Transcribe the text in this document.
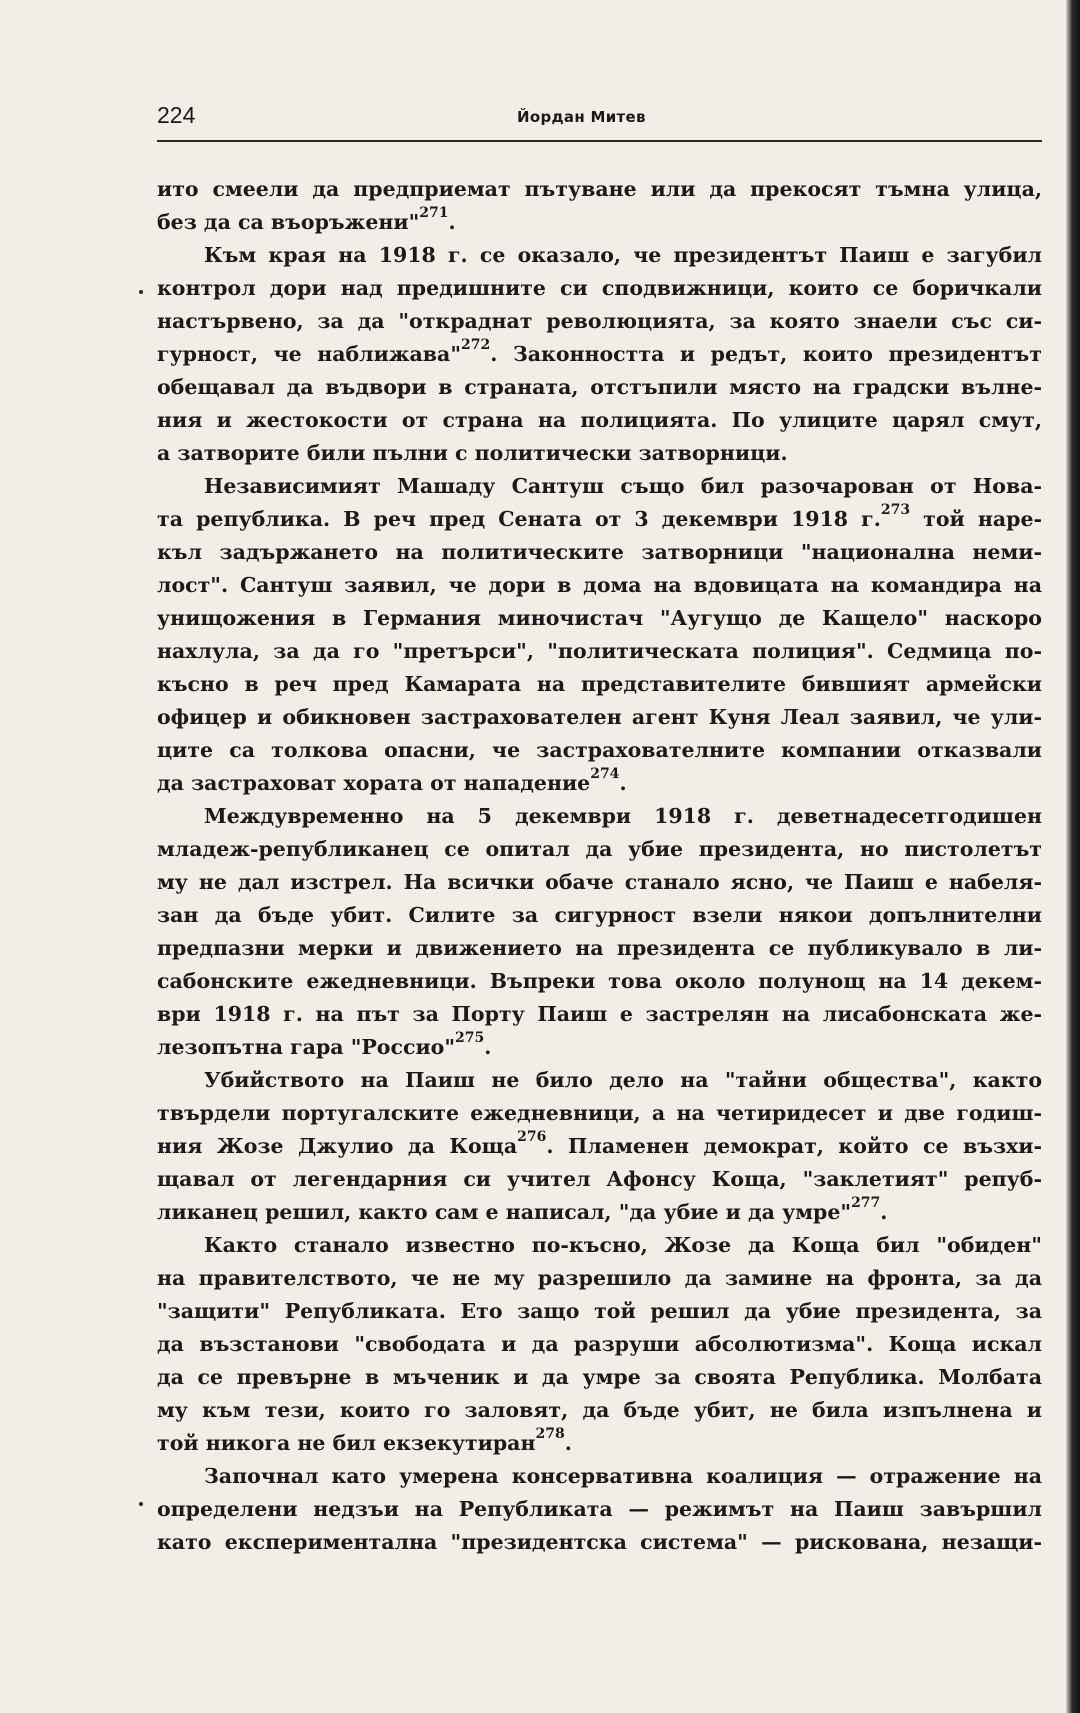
224	Йордан Митев
ито смеели да предприемат пътуване или да прекосят тъмна улица,
без да са въоръжени"$^{271}$.
Към края на 1918 г. се оказало, че президентът Паиш е загубил
контрол дори над предишните си сподвижници, които се боричкали
настървено, за да "откраднат революцията, за която знаели със си-
гурност, че наближава"$^{272}$. Законността и редът, които президентът
обещавал да въдвори в страната, отстъпили място на градски вълне-
ния и жестокости от страна на полицията. По улиците царял смут,
а затворите били пълни с политически затворници.
Независимият Машаду Сантуш също бил разочарован от Нова-
та република. В реч пред Сената от 3 декември 1918 г.$^{273}$ той наре-
къл задържането на политическите затворници "национална неми-
лост". Сантуш заявил, че дори в дома на вдовицата на командира на
унищожения в Германия миночистач "Аугущо де Кащело" наскоро
нахлула, за да го "претърси", "политическата полиция". Седмица по-
късно в реч пред Камарата на представителите бившият армейски
офицер и обикновен застрахователен агент Куня Леал заявил, че ули-
ците са толкова опасни, че застрахователните компании отказвали
да застраховат хората от нападение$^{274}$.
Междувременно на 5 декември 1918 г. деветнадесетгодишен
младеж-републиканец се опитал да убие президента, но пистолетът
му не дал изстрел. На всички обаче станало ясно, че Паиш е набеля-
зан да бъде убит. Силите за сигурност взели някои допълнителни
предпазни мерки и движението на президента се публикувало в ли-
сабонските ежедневници. Въпреки това около полунощ на 14 декем-
ври 1918 г. на път за Порту Паиш е застрелян на лисабонската же-
лезопътна гара "Россио"$^{275}$.
Убийството на Паиш не било дело на "тайни общества", както
твърдели португалските ежедневници, а на четиридесет и две годиш-
ния Жозе Джулио да Коща$^{276}$. Пламенен демократ, който се възхи-
щавал от легендарния си учител Афонсу Коща, "заклетият" репуб-
ликанец решил, както сам е написал, "да убие и да умре"$^{277}$.
Както станало известно по-късно, Жозе да Коща бил "обиден"
на правителството, че не му разрешило да замине на фронта, за да
"защити" Републиката. Ето защо той решил да убие президента, за
да възстанови "свободата и да разруши абсолютизма". Коща искал
да се превърне в мъченик и да умре за своята Република. Молбата
му към тези, които го заловят, да бъде убит, не била изпълнена и
той никога не бил екзекутиран$^{278}$.
Започнал като умерена консервативна коалиция — отражение на
определени недзъи на Републиката — режимът на Паиш завършил
като експериментална "президентска система" — рискована, незащи-
